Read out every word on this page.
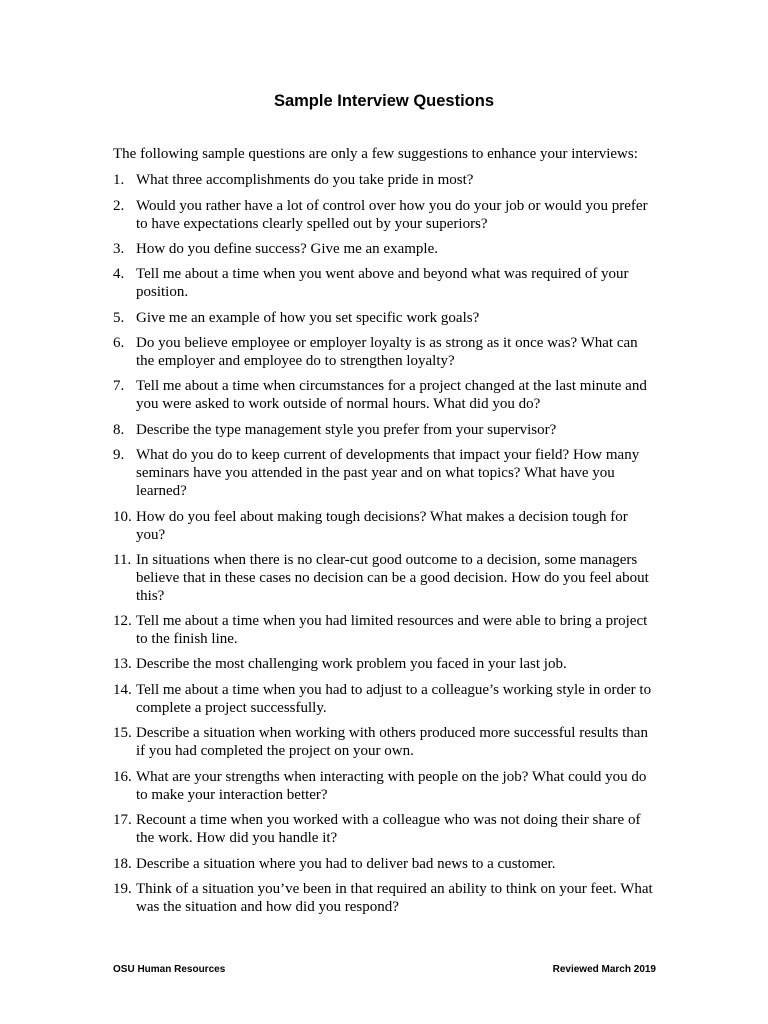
Sample Interview Questions

The following sample questions are only a few suggestions to enhance your interviews:

1. What three accomplishments do you take pride in most?
2. Would you rather have a lot of control over how you do your job or would you prefer to have expectations clearly spelled out by your superiors?
3. How do you define success? Give me an example.
4. Tell me about a time when you went above and beyond what was required of your position.
5. Give me an example of how you set specific work goals?
6. Do you believe employee or employer loyalty is as strong as it once was? What can the employer and employee do to strengthen loyalty?
7. Tell me about a time when circumstances for a project changed at the last minute and you were asked to work outside of normal hours. What did you do?
8. Describe the type management style you prefer from your supervisor?
9. What do you do to keep current of developments that impact your field? How many seminars have you attended in the past year and on what topics? What have you learned?
10. How do you feel about making tough decisions? What makes a decision tough for you?
11. In situations when there is no clear-cut good outcome to a decision, some managers believe that in these cases no decision can be a good decision. How do you feel about this?
12. Tell me about a time when you had limited resources and were able to bring a project to the finish line.
13. Describe the most challenging work problem you faced in your last job.
14. Tell me about a time when you had to adjust to a colleague’s working style in order to complete a project successfully.
15. Describe a situation when working with others produced more successful results than if you had completed the project on your own.
16. What are your strengths when interacting with people on the job? What could you do to make your interaction better?
17. Recount a time when you worked with a colleague who was not doing their share of the work. How did you handle it?
18. Describe a situation where you had to deliver bad news to a customer.
19. Think of a situation you’ve been in that required an ability to think on your feet. What was the situation and how did you respond?
OSU Human Resources	Reviewed March 2019
